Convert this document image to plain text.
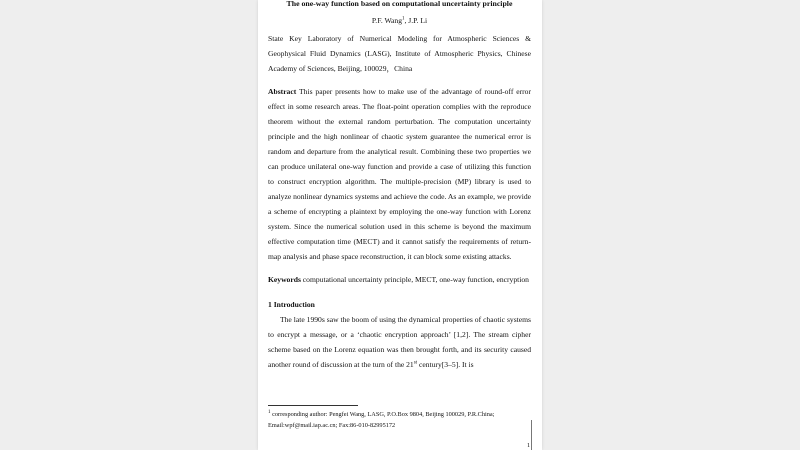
The one-way function based on computational uncertainty principle

P.F. Wang$^1$, J.P. Li
State Key Laboratory of Numerical Modeling for Atmospheric Sciences & Geophysical Fluid Dynamics (LASG), Institute of Atmospheric Physics, Chinese Academy of Sciences, Beijing, 100029，China
Abstract This paper presents how to make use of the advantage of round-off error effect in some research areas. The float-point operation complies with the reproduce theorem without the external random perturbation. The computation uncertainty principle and the high nonlinear of chaotic system guarantee the numerical error is random and departure from the analytical result. Combining these two properties we can produce unilateral one-way function and provide a case of utilizing this function to construct encryption algorithm. The multiple-precision (MP) library is used to analyze nonlinear dynamics systems and achieve the code. As an example, we provide a scheme of encrypting a plaintext by employing the one-way function with Lorenz system. Since the numerical solution used in this scheme is beyond the maximum effective computation time (MECT) and it cannot satisfy the requirements of return-map analysis and phase space reconstruction, it can block some existing attacks.
Keywords computational uncertainty principle, MECT, one-way function, encryption
1 Introduction
The late 1990s saw the boom of using the dynamical properties of chaotic systems to encrypt a message, or a ‘chaotic encryption approach’ [1,2]. The stream cipher scheme based on the Lorenz equation was then brought forth, and its security caused another round of discussion at the turn of the 21st century[3–5]. It is
$^1$ corresponding author: Pengfei Wang, LASG, P.O.Box 9804, Beijing 100029, P.R.China;
Email:wpf@mail.iap.ac.cn; Fax:86-010-82995172
1
